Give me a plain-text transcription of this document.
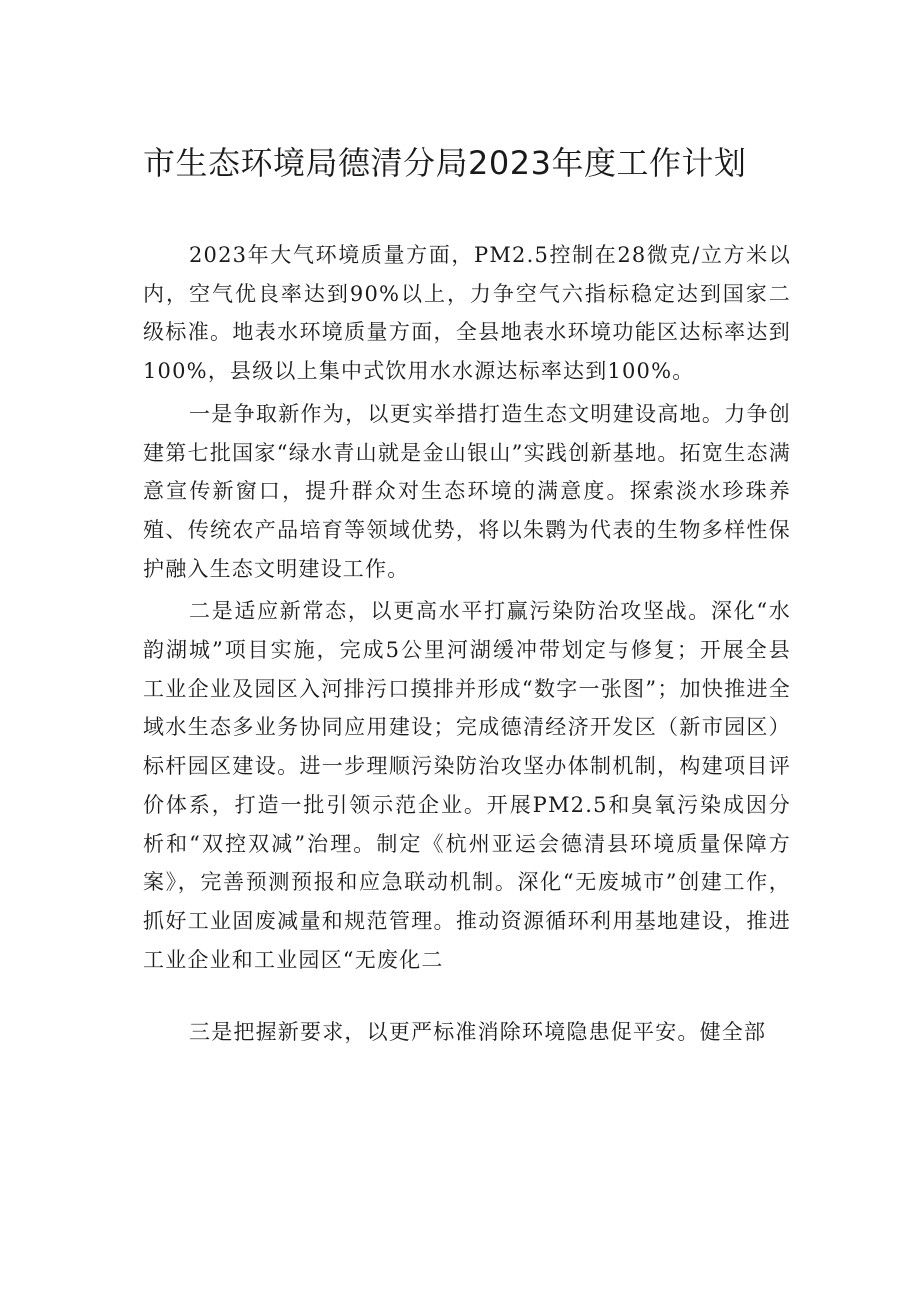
市生态环境局德清分局2023年度工作计划

2023年大气环境质量方面，PM2.5控制在28微克/立方米以内，空气优良率达到90%以上，力争空气六指标稳定达到国家二级标准。地表水环境质量方面，全县地表水环境功能区达标率达到100%，县级以上集中式饮用水水源达标率达到100%。

一是争取新作为，以更实举措打造生态文明建设高地。力争创建第七批国家“绿水青山就是金山银山”实践创新基地。拓宽生态满意宣传新窗口，提升群众对生态环境的满意度。探索淡水珍珠养殖、传统农产品培育等领域优势，将以朱鹮为代表的生物多样性保护融入生态文明建设工作。

二是适应新常态，以更高水平打赢污染防治攻坚战。深化“水韵湖城”项目实施，完成5公里河湖缓冲带划定与修复；开展全县工业企业及园区入河排污口摸排并形成“数字一张图”；加快推进全域水生态多业务协同应用建设；完成德清经济开发区（新市园区）标杆园区建设。进一步理顺污染防治攻坚办体制机制，构建项目评价体系，打造一批引领示范企业。开展PM2.5和臭氧污染成因分析和“双控双减”治理。制定《杭州亚运会德清县环境质量保障方案》，完善预测预报和应急联动机制。深化“无废城市”创建工作，抓好工业固废减量和规范管理。推动资源循环利用基地建设，推进工业企业和工业园区“无废化二

三是把握新要求，以更严标准消除环境隐患促平安。健全部
